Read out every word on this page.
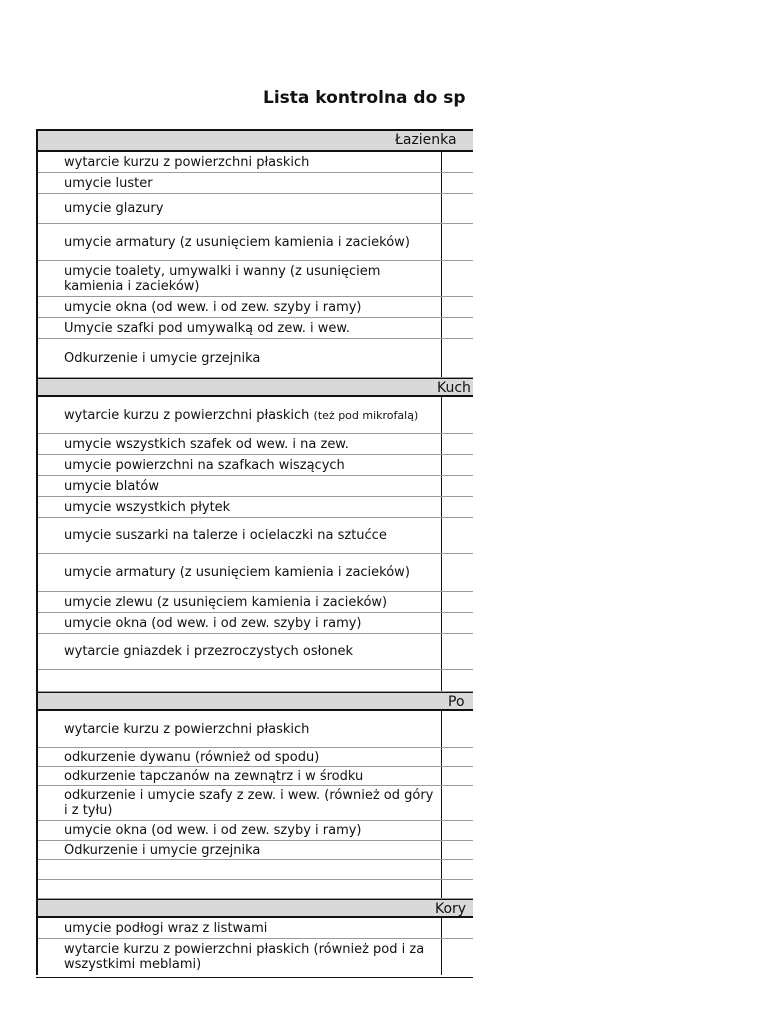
Lista kontrolna do sp
Łazienka
wytarcie kurzu z powierzchni płaskich
umycie luster
umycie glazury
umycie armatury (z usunięciem kamienia i zacieków)
umycie toalety, umywalki i wanny (z usunięciem kamienia i zacieków)
umycie okna (od wew. i od zew. szyby i ramy)
Umycie szafki pod umywalką od zew. i wew.
Odkurzenie i umycie grzejnika
Kuch
wytarcie kurzu z powierzchni płaskich (też pod mikrofalą)
umycie wszystkich szafek od wew. i na zew.
umycie powierzchni na szafkach wiszących
umycie blatów
umycie wszystkich płytek
umycie suszarki na talerze i ocielaczki na sztućce
umycie armatury (z usunięciem kamienia i zacieków)
umycie zlewu (z usunięciem kamienia i zacieków)
umycie okna (od wew. i od zew. szyby i ramy)
wytarcie gniazdek i przezroczystych osłonek
Po
wytarcie kurzu z powierzchni płaskich
odkurzenie dywanu (również od spodu)
odkurzenie tapczanów na zewnątrz i w środku
odkurzenie i umycie szafy z zew. i wew. (również od góry i z tyłu)
umycie okna (od wew. i od zew. szyby i ramy)
Odkurzenie i umycie grzejnika
Kory
umycie podłogi wraz z listwami
wytarcie kurzu z powierzchni płaskich (również pod i za wszystkimi meblami)
